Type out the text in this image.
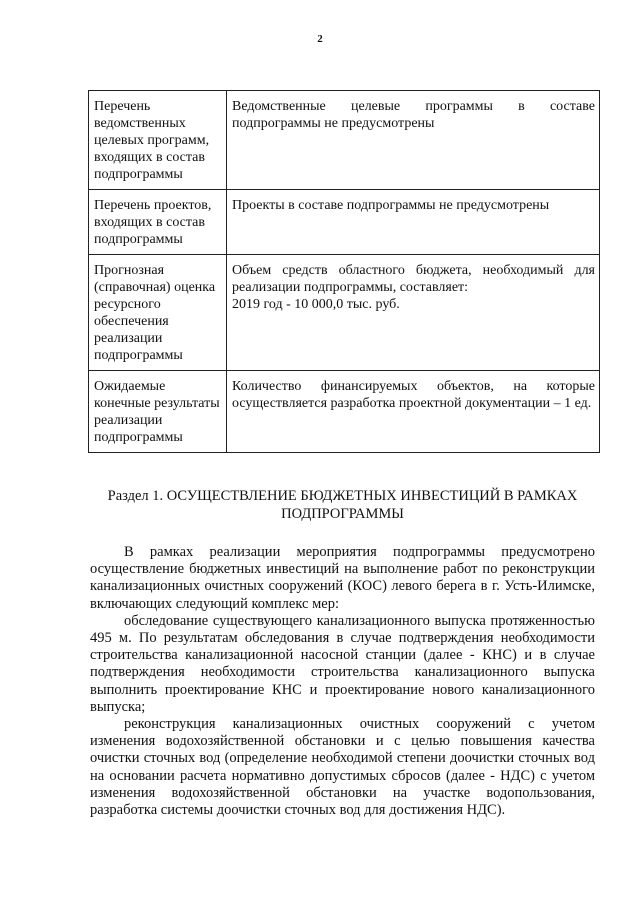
2
Перечень ведомственных целевых программ, входящих в состав подпрограммы	Ведомственные целевые программы в составе подпрограммы не предусмотрены
Перечень проектов, входящих в состав подпрограммы	Проекты в составе подпрограммы не предусмотрены
Прогнозная (справочная) оценка ресурсного обеспечения реализации подпрограммы	Объем средств областного бюджета, необходимый для реализации подпрограммы, составляет:
2019 год - 10 000,0 тыс. руб.

Ожидаемые конечные результаты реализации подпрограммы	Количество финансируемых объектов, на которые осуществляется разработка проектной документации – 1 ед.
Раздел 1. ОСУЩЕСТВЛЕНИЕ БЮДЖЕТНЫХ ИНВЕСТИЦИЙ В РАМКАХ ПОДПРОГРАММЫ

В рамках реализации мероприятия подпрограммы предусмотрено осуществление бюджетных инвестиций на выполнение работ по реконструкции канализационных очистных сооружений (КОС) левого берега в г. Усть-Илимске, включающих следующий комплекс мер:

обследование существующего канализационного выпуска протяженностью 495 м. По результатам обследования в случае подтверждения необходимости строительства канализационной насосной станции (далее - КНС) и в случае подтверждения необходимости строительства канализационного выпуска выполнить проектирование КНС и проектирование нового канализационного выпуска;

реконструкция канализационных очистных сооружений с учетом изменения водохозяйственной обстановки и с целью повышения качества очистки сточных вод (определение необходимой степени доочистки сточных вод на основании расчета нормативно допустимых сбросов (далее - НДС) с учетом изменения водохозяйственной обстановки на участке водопользования, разработка системы доочистки сточных вод для достижения НДС).
